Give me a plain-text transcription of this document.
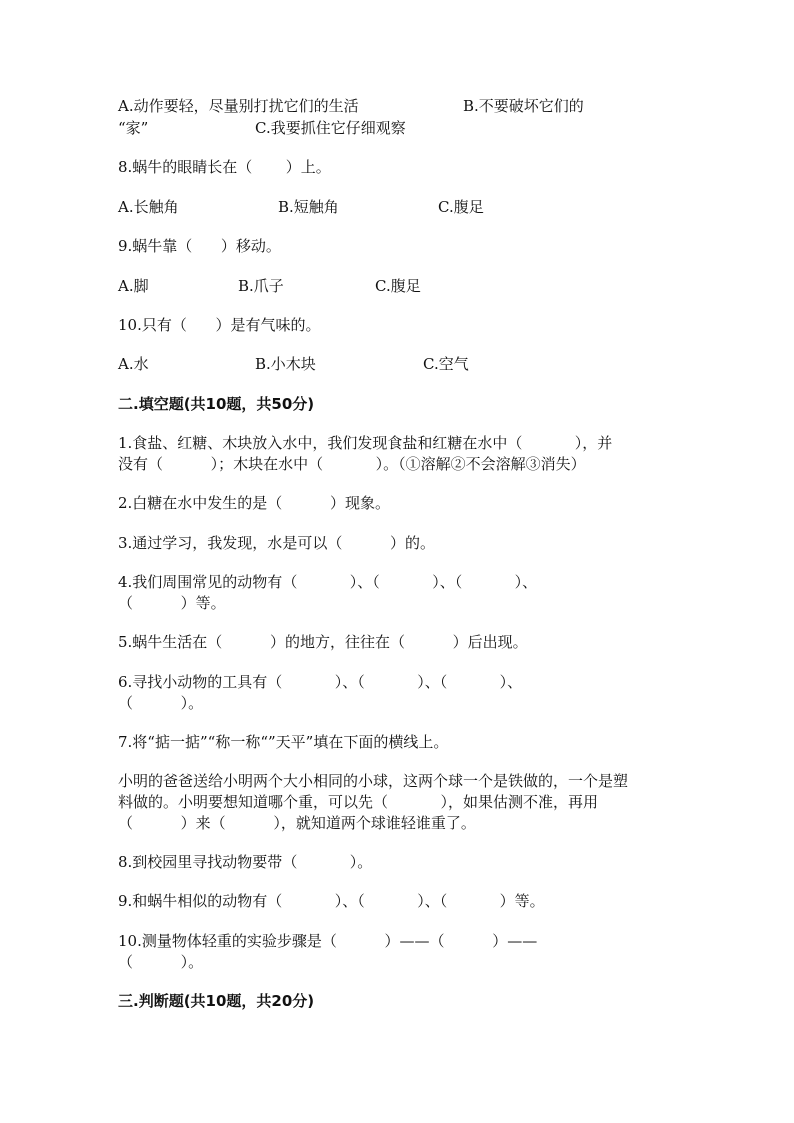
A.动作要轻，尽量别打扰它们的生活	B.不要破坏它们的
“家”	C.我要抓住它仔细观察
8.蜗牛的眼睛长在（       ）上。
A.长触角	B.短触角	C.腹足
9.蜗牛靠（      ）移动。
A.脚	B.爪子	C.腹足
10.只有（      ）是有气味的。
A.水	B.小木块	C.空气
二.填空题(共10题，共50分)
1.食盐、红糖、木块放入水中，我们发现食盐和红糖在水中（           ），并
没有（          ）；木块在水中（           ）。（①溶解②不会溶解③消失）
2.白糖在水中发生的是（          ）现象。
3.通过学习，我发现，水是可以（          ）的。
4.我们周围常见的动物有（           ）、（           ）、（           ）、
（          ）等。
5.蜗牛生活在（          ）的地方，往往在（          ）后出现。
6.寻找小动物的工具有（           ）、（           ）、（           ）、
（          ）。
7.将“掂一掂”“称一称“”天平”填在下面的横线上。
小明的爸爸送给小明两个大小相同的小球，这两个球一个是铁做的，一个是塑
料做的。小明要想知道哪个重，可以先（           ），如果估测不准，再用
（          ）来（          ），就知道两个球谁轻谁重了。
8.到校园里寻找动物要带（           ）。
9.和蜗牛相似的动物有（           ）、（           ）、（           ）等。
10.测量物体轻重的实验步骤是（          ）——（          ）——
（          ）。
三.判断题(共10题，共20分)
